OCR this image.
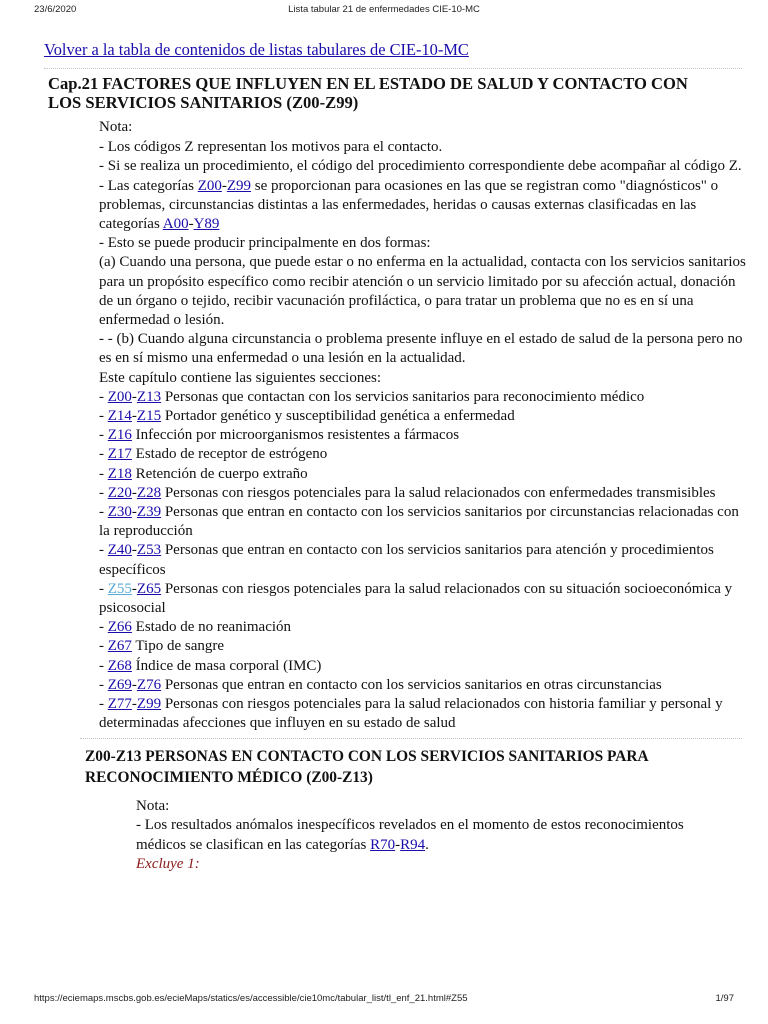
23/6/2020	Lista tabular 21 de enfermedades CIE-10-MC
Volver a la tabla de contenidos de listas tabulares de CIE-10-MC
Cap.21 FACTORES QUE INFLUYEN EN EL ESTADO DE SALUD Y CONTACTO CON LOS SERVICIOS SANITARIOS (Z00-Z99)

Nota:

- Los códigos Z representan los motivos para el contacto.

- Si se realiza un procedimiento, el código del procedimiento correspondiente debe acompañar al código Z.

- Las categorías Z00-Z99 se proporcionan para ocasiones en las que se registran como "diagnósticos" o problemas, circunstancias distintas a las enfermedades, heridas o causas externas clasificadas en las categorías A00-Y89

- Esto se puede producir principalmente en dos formas:

(a) Cuando una persona, que puede estar o no enferma en la actualidad, contacta con los servicios sanitarios para un propósito específico como recibir atención o un servicio limitado por su afección actual, donación de un órgano o tejido, recibir vacunación profiláctica, o para tratar un problema que no es en sí una enfermedad o lesión.

- - (b) Cuando alguna circunstancia o problema presente influye en el estado de salud de la persona pero no es en sí mismo una enfermedad o una lesión en la actualidad.

Este capítulo contiene las siguientes secciones:

- Z00-Z13 Personas que contactan con los servicios sanitarios para reconocimiento médico

- Z14-Z15 Portador genético y susceptibilidad genética a enfermedad

- Z16 Infección por microorganismos resistentes a fármacos

- Z17 Estado de receptor de estrógeno

- Z18 Retención de cuerpo extraño

- Z20-Z28 Personas con riesgos potenciales para la salud relacionados con enfermedades transmisibles

- Z30-Z39 Personas que entran en contacto con los servicios sanitarios por circunstancias relacionadas con la reproducción

- Z40-Z53 Personas que entran en contacto con los servicios sanitarios para atención y procedimientos específicos

- Z55-Z65 Personas con riesgos potenciales para la salud relacionados con su situación socioeconómica y psicosocial

- Z66 Estado de no reanimación

- Z67 Tipo de sangre

- Z68 Índice de masa corporal (IMC)

- Z69-Z76 Personas que entran en contacto con los servicios sanitarios en otras circunstancias

- Z77-Z99 Personas con riesgos potenciales para la salud relacionados con historia familiar y personal y determinadas afecciones que influyen en su estado de salud

Z00-Z13 PERSONAS EN CONTACTO CON LOS SERVICIOS SANITARIOS PARA RECONOCIMIENTO MÉDICO (Z00-Z13)

Nota:

- Los resultados anómalos inespecíficos revelados en el momento de estos reconocimientos médicos se clasifican en las categorías R70-R94.

Excluye 1:

https://eciemaps.mscbs.gob.es/ecieMaps/statics/es/accessible/cie10mc/tabular_list/tl_enf_21.html#Z55	1/97
